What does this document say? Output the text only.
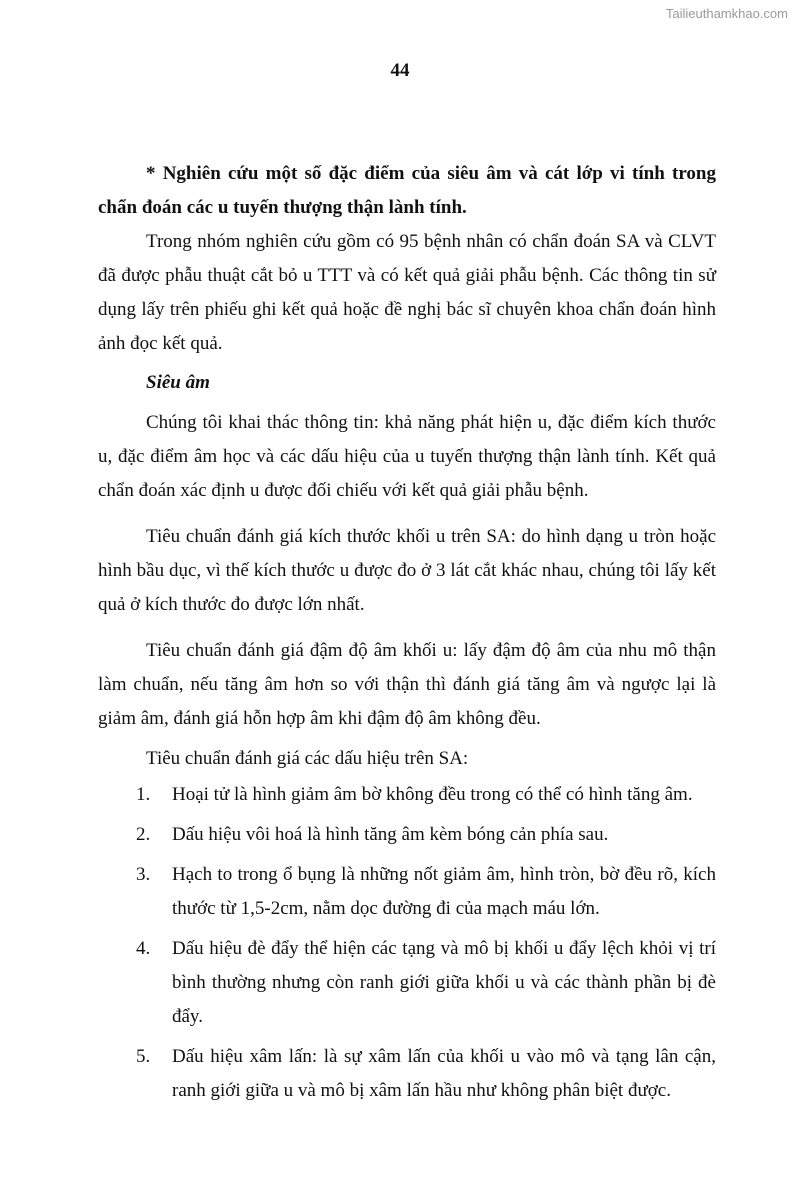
Tailieuthamkhao.com
44

* Nghiên cứu một số đặc điểm của siêu âm và cát lớp vi tính trong chẩn đoán các u tuyến thượng thận lành tính.

Trong nhóm nghiên cứu gồm có 95 bệnh nhân có chẩn đoán SA và CLVT đã được phẫu thuật cắt bỏ u TTT và có kết quả giải phẫu bệnh. Các thông tin sử dụng lấy trên phiếu ghi kết quả hoặc đề nghị bác sĩ chuyên khoa chẩn đoán hình ảnh đọc kết quả.

Siêu âm

Chúng tôi khai thác thông tin: khả năng phát hiện u, đặc điểm kích thước u, đặc điểm âm học và các dấu hiệu của u tuyến thượng thận lành tính. Kết quả chẩn đoán xác định u được đối chiếu với kết quả giải phẫu bệnh.

Tiêu chuẩn đánh giá kích thước khối u trên SA: do hình dạng u tròn hoặc hình bầu dục, vì thế kích thước u được đo ở 3 lát cắt khác nhau, chúng tôi lấy kết quả ở kích thước đo được lớn nhất.

Tiêu chuẩn đánh giá đậm độ âm khối u: lấy đậm độ âm của nhu mô thận làm chuẩn, nếu tăng âm hơn so với thận thì đánh giá tăng âm và ngược lại là giảm âm, đánh giá hỗn hợp âm khi đậm độ âm không đều.

Tiêu chuẩn đánh giá các dấu hiệu trên SA:

1. Hoại tử là hình giảm âm bờ không đều trong có thể có hình tăng âm.
2. Dấu hiệu vôi hoá là hình tăng âm kèm bóng cản phía sau.
3. Hạch to trong ổ bụng là những nốt giảm âm, hình tròn, bờ đều rõ, kích thước từ 1,5-2cm, nằm dọc đường đi của mạch máu lớn.
4. Dấu hiệu đè đẩy thể hiện các tạng và mô bị khối u đẩy lệch khỏi vị trí bình thường nhưng còn ranh giới giữa khối u và các thành phần bị đè đẩy.
5. Dấu hiệu xâm lấn: là sự xâm lấn của khối u vào mô và tạng lân cận, ranh giới giữa u và mô bị xâm lấn hầu như không phân biệt được.
